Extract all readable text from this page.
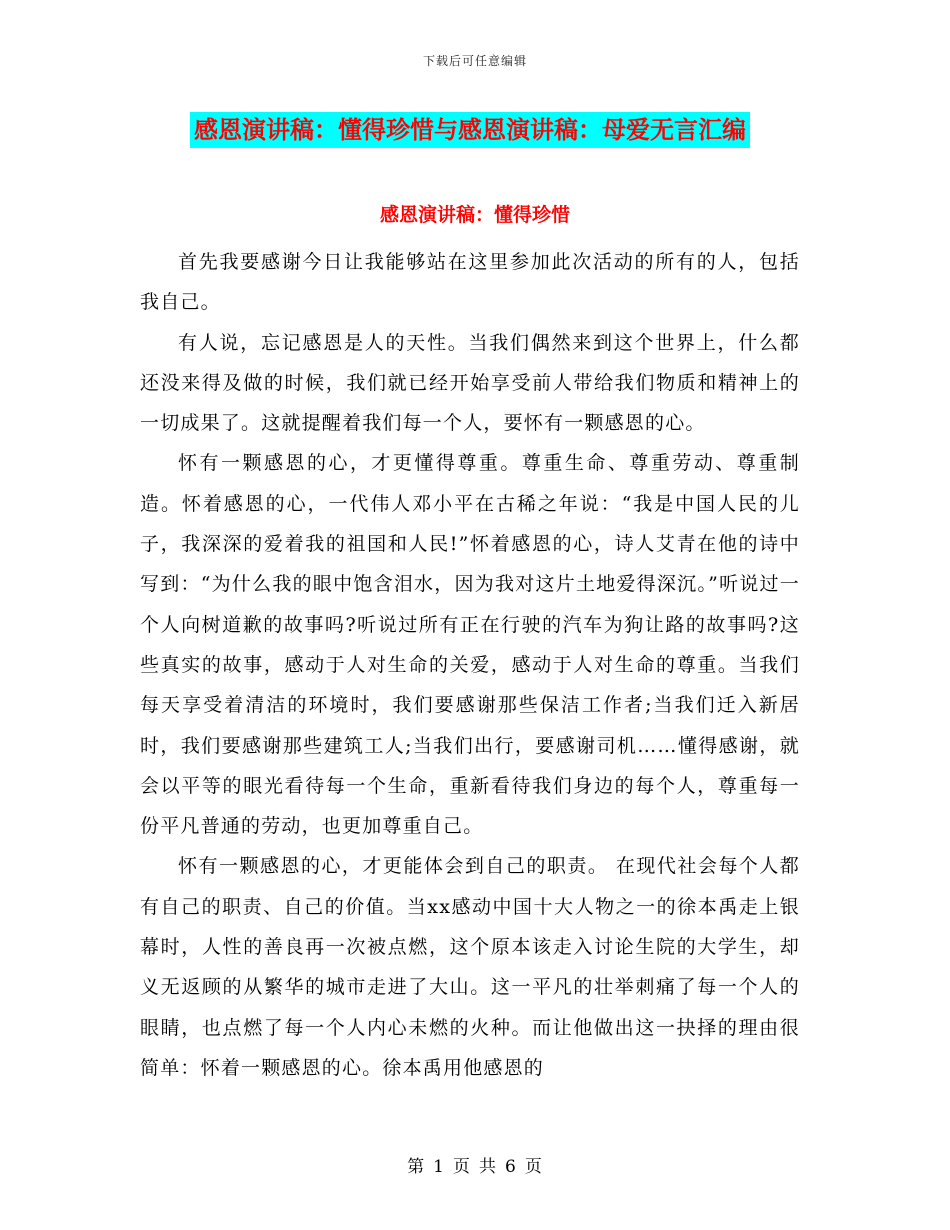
下载后可任意编辑
感恩演讲稿：懂得珍惜与感恩演讲稿：母爱无言汇编
感恩演讲稿：懂得珍惜

首先我要感谢今日让我能够站在这里参加此次活动的所有的人，包括我自己。

有人说，忘记感恩是人的天性。当我们偶然来到这个世界上，什么都还没来得及做的时候，我们就已经开始享受前人带给我们物质和精神上的一切成果了。这就提醒着我们每一个人，要怀有一颗感恩的心。

怀有一颗感恩的心，才更懂得尊重。尊重生命、尊重劳动、尊重制造。怀着感恩的心，一代伟人邓小平在古稀之年说：“我是中国人民的儿子，我深深的爱着我的祖国和人民!”怀着感恩的心，诗人艾青在他的诗中写到：“为什么我的眼中饱含泪水，因为我对这片土地爱得深沉。”听说过一个人向树道歉的故事吗?听说过所有正在行驶的汽车为狗让路的故事吗?这些真实的故事，感动于人对生命的关爱，感动于人对生命的尊重。当我们每天享受着清洁的环境时，我们要感谢那些保洁工作者;当我们迁入新居时，我们要感谢那些建筑工人;当我们出行，要感谢司机……懂得感谢，就会以平等的眼光看待每一个生命，重新看待我们身边的每个人，尊重每一份平凡普通的劳动，也更加尊重自己。

怀有一颗感恩的心，才更能体会到自己的职责。 在现代社会每个人都有自己的职责、自己的价值。当xx感动中国十大人物之一的徐本禹走上银幕时，人性的善良再一次被点燃，这个原本该走入讨论生院的大学生，却义无返顾的从繁华的城市走进了大山。这一平凡的壮举刺痛了每一个人的眼睛，也点燃了每一个人内心未燃的火种。而让他做出这一抉择的理由很简单：怀着一颗感恩的心。徐本禹用他感恩的

第 1 页 共 6 页
